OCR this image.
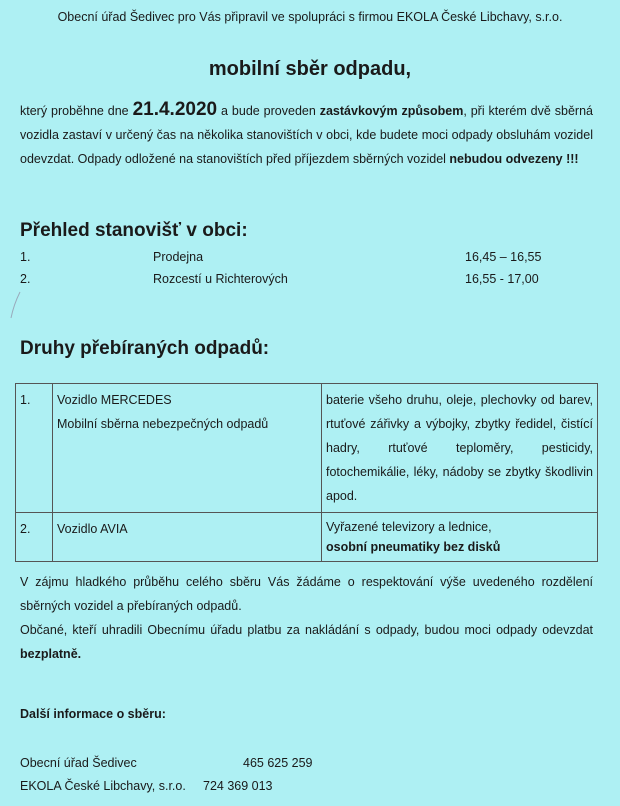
Obecní úřad Šedivec pro Vás připravil ve spolupráci s firmou EKOLA České Libchavy, s.r.o.
mobilní sběr odpadu,
který proběhne dne 21.4.2020 a bude proveden zastávkovým způsobem, při kterém dvě sběrná vozidla zastaví v určený čas na několika stanovištích v obci, kde budete moci odpady obsluhám vozidel odevzdat. Odpady odložené na stanovištích před příjezdem sběrných vozidel nebudou odvezeny !!!
Přehled stanovišť v obci:
1.	Prodejna	16,45 – 16,55
2.	Rozcestí u Richterových	16,55 - 17,00
Druhy přebíraných odpadů:
1.	Vozidlo MERCEDES
Mobilní sběrna nebezpečných odpadů	baterie všeho druhu, oleje, plechovky od barev, rtuťové zářivky a výbojky, zbytky ředidel, čistící hadry, rtuťové teploměry, pesticidy, fotochemikálie, léky, nádoby se zbytky škodlivin apod.
2.	Vozidlo AVIA	Vyřazené televizory a lednice,
osobní pneumatiky bez disků
V zájmu hladkého průběhu celého sběru Vás žádáme o respektování výše uvedeného rozdělení sběrných vozidel a přebíraných odpadů.
Občané, kteří uhradili Obecnímu úřadu platbu za nakládání s odpady, budou moci odpady odevzdat bezplatně.
Další informace o sběru:
Obecní úřad Šedivec	465 625 259
EKOLA České Libchavy, s.r.o. 724 369 013
